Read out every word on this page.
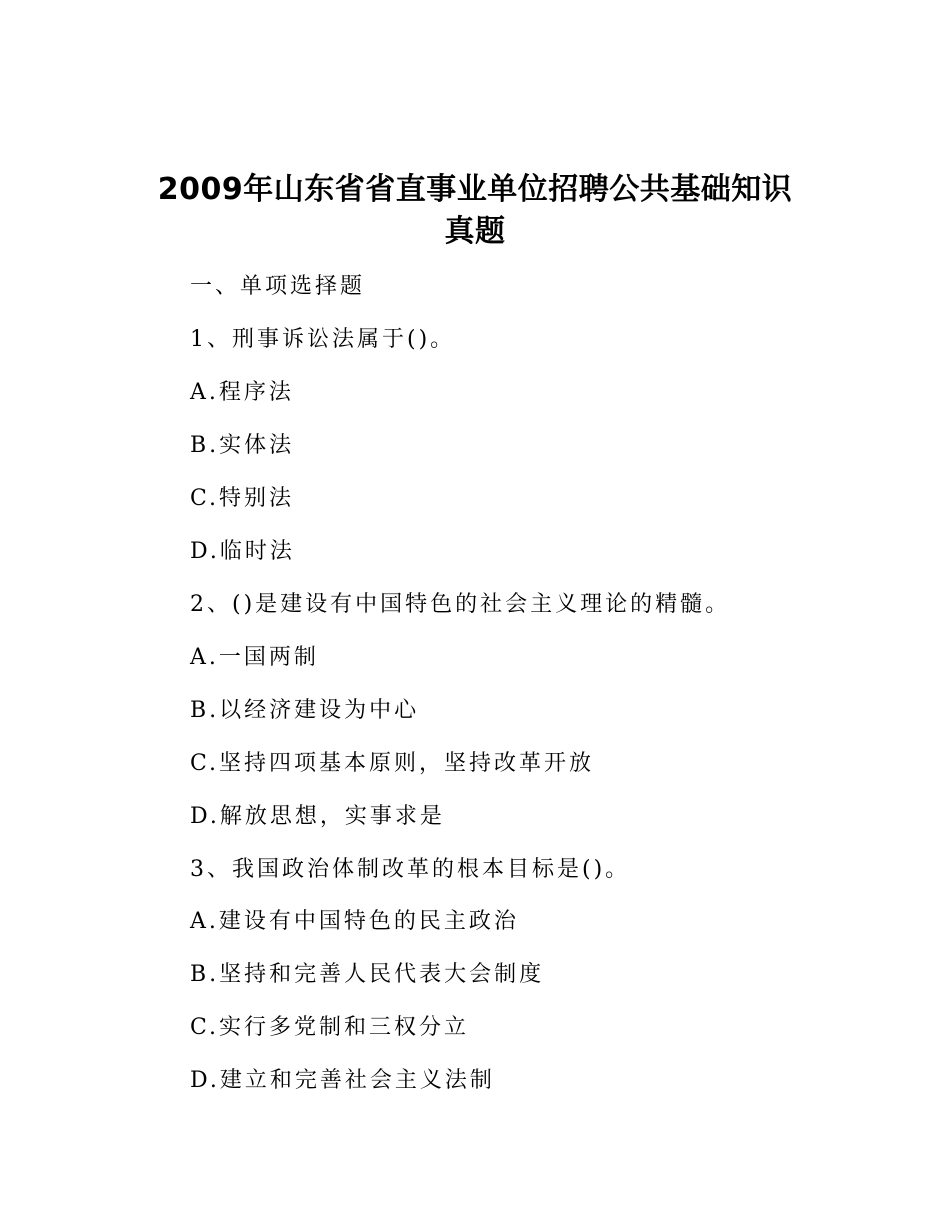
2009年山东省省直事业单位招聘公共基础知识
真题
一、单项选择题
1、刑事诉讼法属于()。
A.程序法
B.实体法
C.特别法
D.临时法
2、()是建设有中国特色的社会主义理论的精髓。
A.一国两制
B.以经济建设为中心
C.坚持四项基本原则，坚持改革开放
D.解放思想，实事求是
3、我国政治体制改革的根本目标是()。
A.建设有中国特色的民主政治
B.坚持和完善人民代表大会制度
C.实行多党制和三权分立
D.建立和完善社会主义法制
